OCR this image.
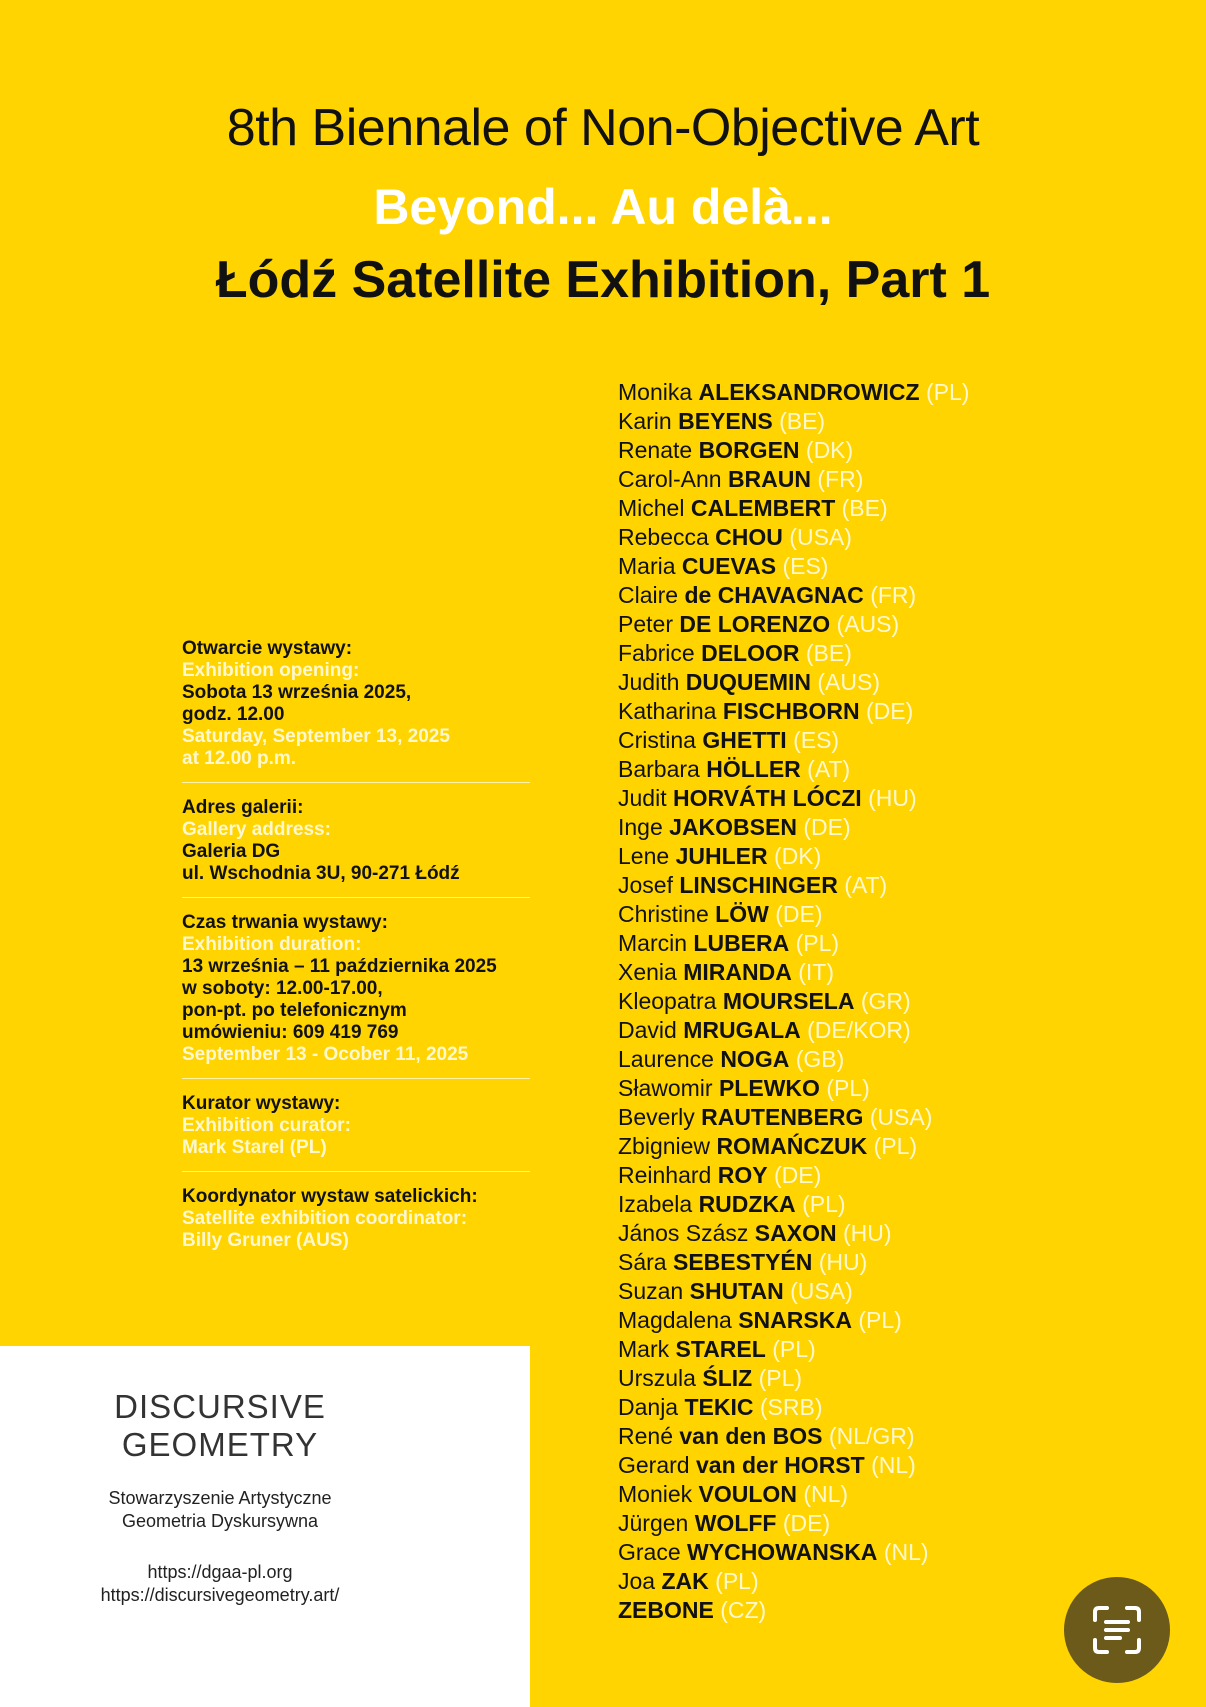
8th Biennale of Non-Objective Art
Beyond... Au delà...
Łódź Satellite Exhibition, Part 1
Monika ALEKSANDROWICZ (PL)
Karin BEYENS (BE)
Renate BORGEN (DK)
Carol-Ann BRAUN (FR)
Michel CALEMBERT (BE)
Rebecca CHOU (USA)
Maria CUEVAS (ES)
Claire de CHAVAGNAC (FR)
Peter DE LORENZO (AUS)
Fabrice DELOOR (BE)
Judith DUQUEMIN (AUS)
Katharina FISCHBORN (DE)
Cristina GHETTI (ES)
Barbara HÖLLER (AT)
Judit HORVÁTH LÓCZI (HU)
Inge JAKOBSEN (DE)
Lene JUHLER (DK)
Josef LINSCHINGER (AT)
Christine LÖW (DE)
Marcin LUBERA (PL)
Xenia MIRANDA (IT)
Kleopatra MOURSELA (GR)
David MRUGALA (DE/KOR)
Laurence NOGA (GB)
Sławomir PLEWKO (PL)
Beverly RAUTENBERG (USA)
Zbigniew ROMAŃCZUK (PL)
Reinhard ROY (DE)
Izabela RUDZKA (PL)
János Szász SAXON (HU)
Sára SEBESTYÉN (HU)
Suzan SHUTAN (USA)
Magdalena SNARSKA (PL)
Mark STAREL (PL)
Urszula ŚLIZ (PL)
Danja TEKIC (SRB)
René van den BOS (NL/GR)
Gerard van der HORST (NL)
Moniek VOULON (NL)
Jürgen WOLFF (DE)
Grace WYCHOWANSKA (NL)
Joa ZAK (PL)
ZEBONE (CZ)
Otwarcie wystawy:
Exhibition opening:
Sobota 13 września 2025,
godz. 12.00
Saturday, September 13, 2025
at 12.00 p.m.
Adres galerii:
Gallery address:
Galeria DG
ul. Wschodnia 3U, 90-271 Łódź
Czas trwania wystawy:
Exhibition duration:
13 września – 11 października 2025
w soboty: 12.00-17.00,
pon-pt. po telefonicznym
umówieniu: 609 419 769
September 13 - Ocober 11, 2025
Kurator wystawy:
Exhibition curator:
Mark Starel (PL)
Koordynator wystaw satelickich:
Satellite exhibition coordinator:
Billy Gruner (AUS)
DISCURSIVE
GEOMETRY
Stowarzyszenie Artystyczne
Geometria Dyskursywna
https://dgaa-pl.org
https://discursivegeometry.art/
